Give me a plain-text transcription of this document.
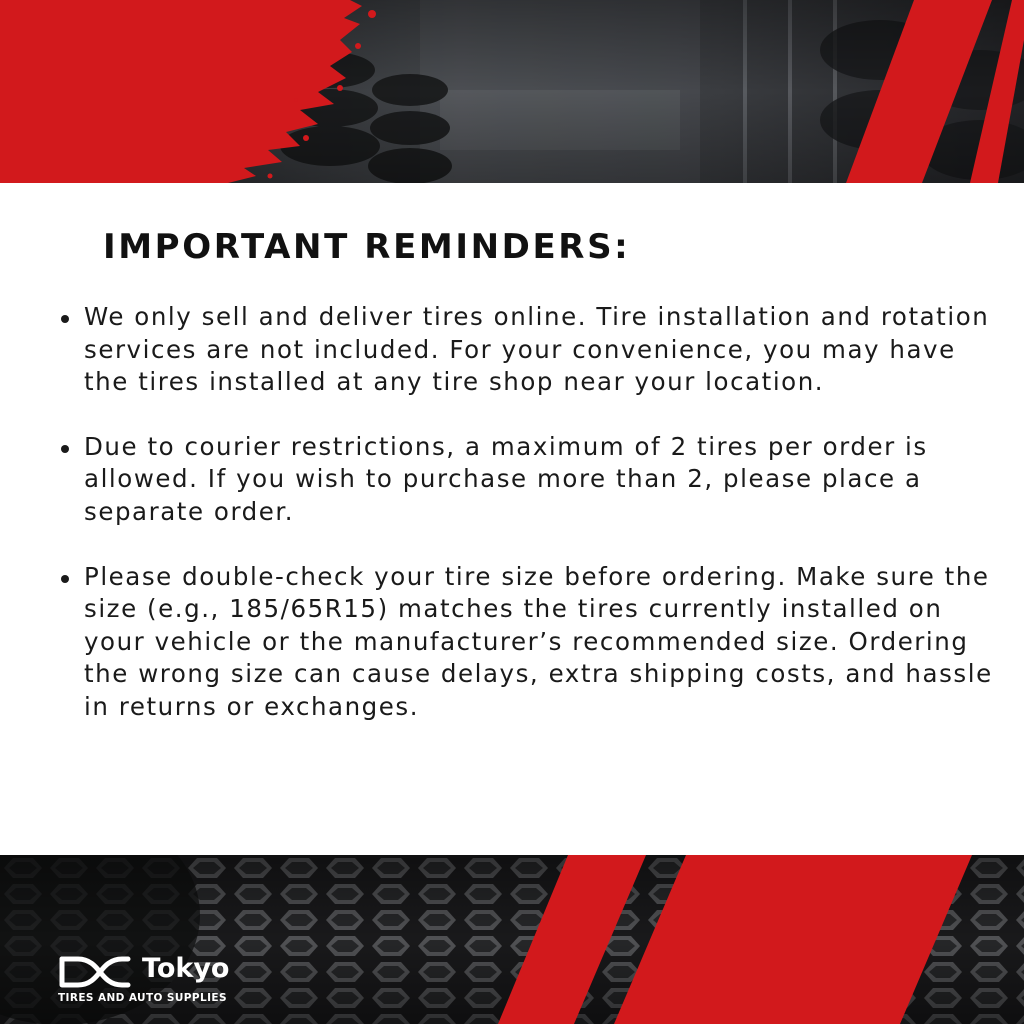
IMPORTANT REMINDERS:
We only sell and deliver tires online. Tire installation and rotation services are not included. For your convenience, you may have the tires installed at any tire shop near your location.
Due to courier restrictions, a maximum of 2 tires per order is allowed. If you wish to purchase more than 2, please place a separate order.
Please double-check your tire size before ordering. Make sure the size (e.g., 185/65R15) matches the tires currently installed on your vehicle or the manufacturer’s recommended size. Ordering the wrong size can cause delays, extra shipping costs, and hassle in returns or exchanges.
Tokyo
TIRES AND AUTO SUPPLIES
